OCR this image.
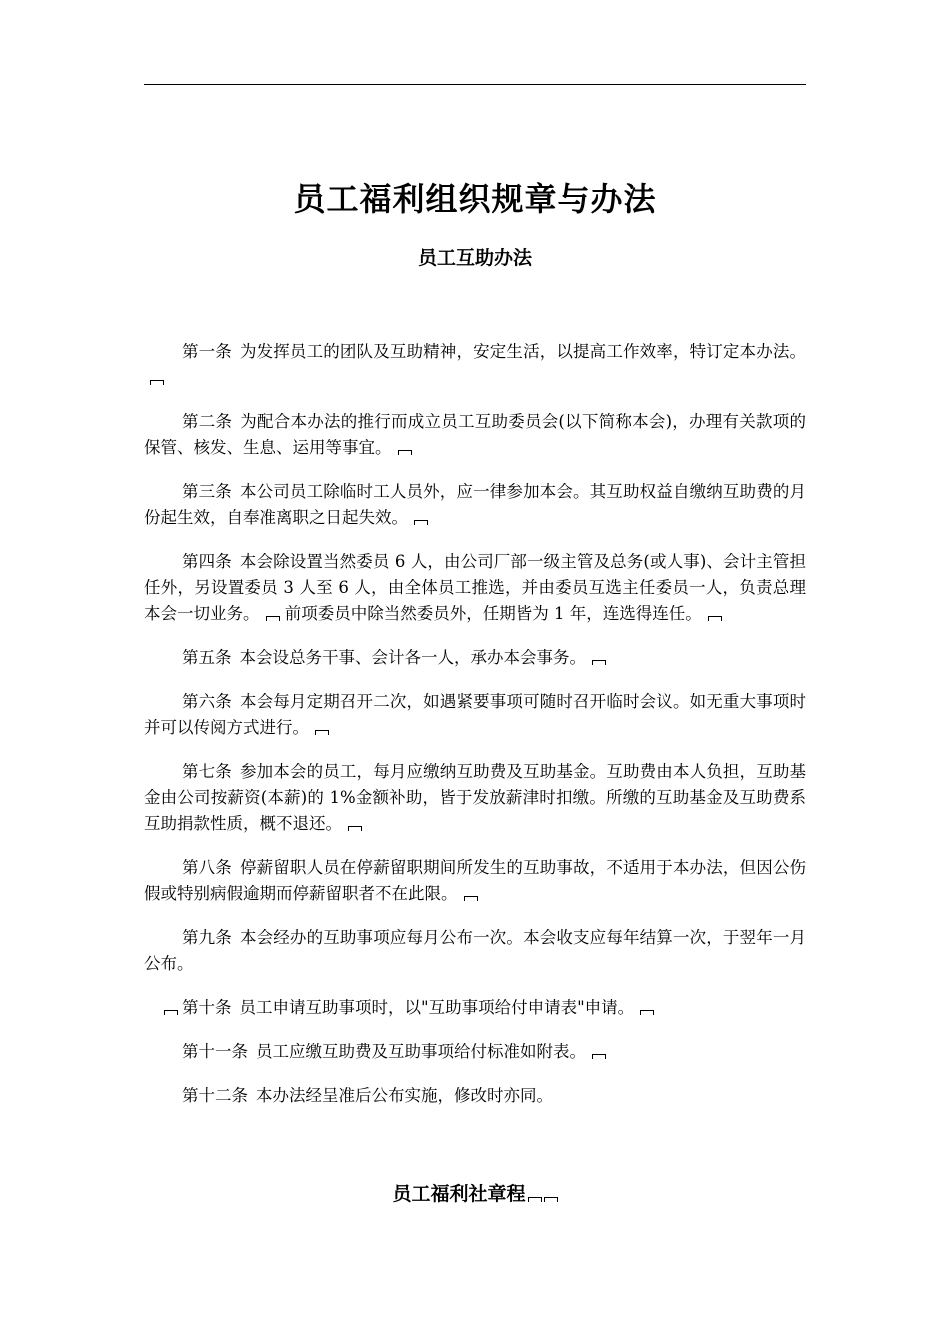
员工福利组织规章与办法
员工互助办法

第一条 为发挥员工的团队及互助精神，安定生活，以提高工作效率，特订定本办法。

第二条 为配合本办法的推行而成立员工互助委员会(以下简称本会)，办理有关款项的保管、核发、生息、运用等事宜。

第三条 本公司员工除临时工人员外，应一律参加本会。其互助权益自缴纳互助费的月份起生效，自奉准离职之日起失效。

第四条 本会除设置当然委员 6 人，由公司厂部一级主管及总务(或人事)、会计主管担任外，另设置委员 3 人至 6 人，由全体员工推选，并由委员互选主任委员一人，负责总理本会一切业务。 前项委员中除当然委员外，任期皆为 1 年，连选得连任。

第五条 本会设总务干事、会计各一人，承办本会事务。

第六条 本会每月定期召开二次，如遇紧要事项可随时召开临时会议。如无重大事项时并可以传阅方式进行。

第七条 参加本会的员工，每月应缴纳互助费及互助基金。互助费由本人负担，互助基金由公司按薪资(本薪)的 1%金额补助，皆于发放薪津时扣缴。所缴的互助基金及互助费系互助捐款性质，概不退还。

第八条 停薪留职人员在停薪留职期间所发生的互助事故，不适用于本办法，但因公伤假或特别病假逾期而停薪留职者不在此限。

第九条 本会经办的互助事项应每月公布一次。本会收支应每年结算一次，于翌年一月公布。

第十条 员工申请互助事项时，以"互助事项给付申请表"申请。

第十一条 员工应缴互助费及互助事项给付标准如附表。

第十二条 本办法经呈准后公布实施，修改时亦同。

员工福利社章程
